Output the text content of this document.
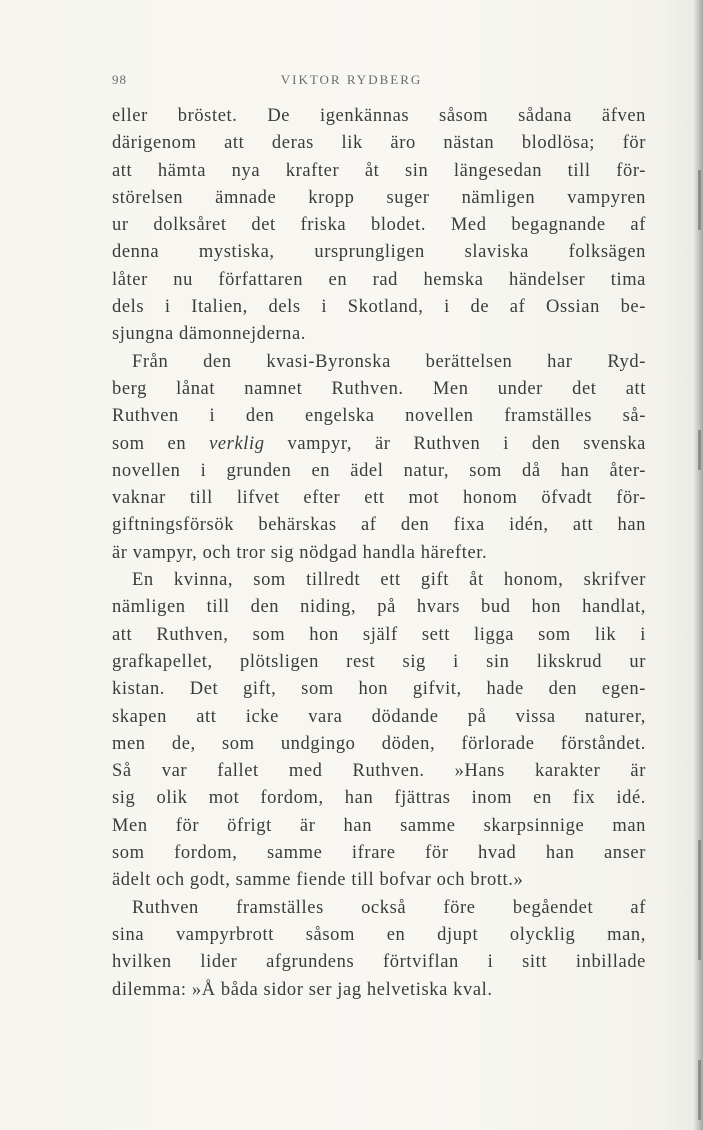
98	VIKTOR RYDBERG
eller bröstet. De igenkännas såsom sådana äfven
därigenom att deras lik äro nästan blodlösa; för
att hämta nya krafter åt sin längesedan till för-
störelsen ämnade kropp suger nämligen vampyren
ur dolksåret det friska blodet. Med begagnande af
denna mystiska, ursprungligen slaviska folksägen
låter nu författaren en rad hemska händelser tima
dels i Italien, dels i Skotland, i de af Ossian be-
sjungna dämonnejderna.
Från den kvasi-Byronska berättelsen har Ryd-
berg lånat namnet Ruthven. Men under det att
Ruthven i den engelska novellen framställes så-
som en verklig vampyr, är Ruthven i den svenska
novellen i grunden en ädel natur, som då han åter-
vaknar till lifvet efter ett mot honom öfvadt för-
giftningsförsök behärskas af den fixa idén, att han
är vampyr, och tror sig nödgad handla härefter.
En kvinna, som tillredt ett gift åt honom, skrifver
nämligen till den niding, på hvars bud hon handlat,
att Ruthven, som hon själf sett ligga som lik i
grafkapellet, plötsligen rest sig i sin likskrud ur
kistan. Det gift, som hon gifvit, hade den egen-
skapen att icke vara dödande på vissa naturer,
men de, som undgingo döden, förlorade förståndet.
Så var fallet med Ruthven. »Hans karakter är
sig olik mot fordom, han fjättras inom en fix idé.
Men för öfrigt är han samme skarpsinnige man
som fordom, samme ifrare för hvad han anser
ädelt och godt, samme fiende till bofvar och brott.»
Ruthven framställes också före begåendet af
sina vampyrbrott såsom en djupt olycklig man,
hvilken lider afgrundens förtviflan i sitt inbillade
dilemma: »Å båda sidor ser jag helvetiska kval.
